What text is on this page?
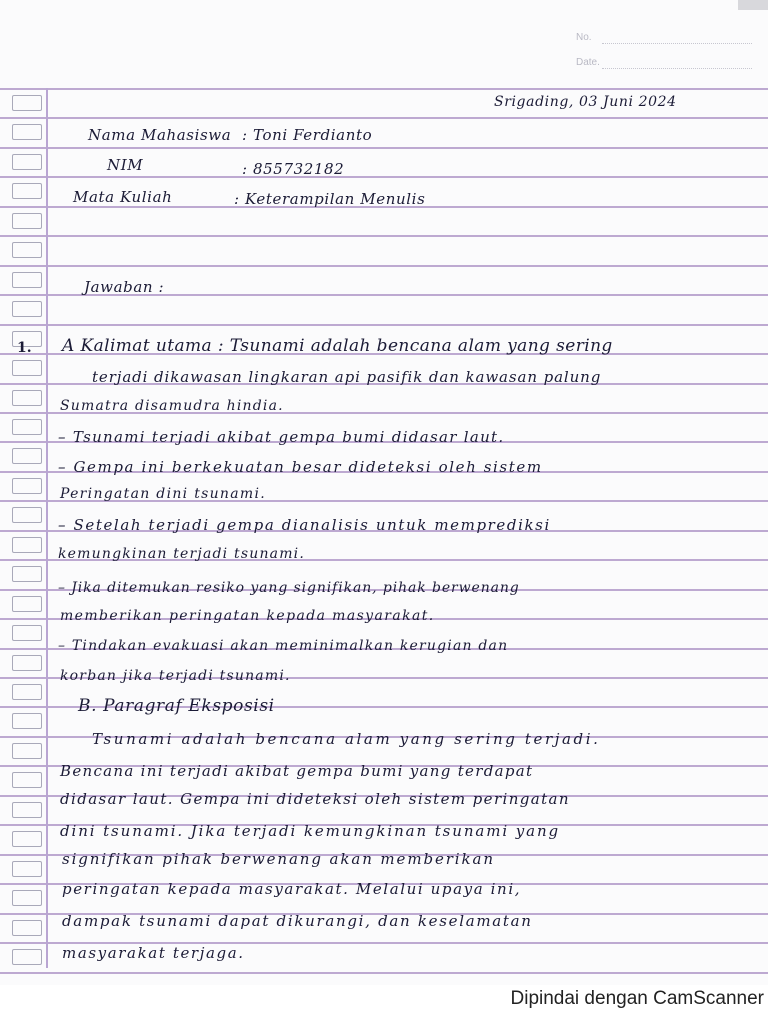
No.
Date.
Srigading, 03 Juni 2024
Nama Mahasiswa : Toni Ferdianto
NIM	: 855732182
Mata Kuliah	: Keterampilan Menulis
Jawaban :
1. A Kalimat utama : Tsunami adalah bencana alam yang sering
terjadi dikawasan lingkaran api pasifik dan kawasan palung
Sumatra disamudra hindia.
– Tsunami terjadi akibat gempa bumi didasar laut.
– Gempa ini berkekuatan besar dideteksi oleh sistem
Peringatan dini tsunami.
– Setelah terjadi gempa dianalisis untuk memprediksi
kemungkinan terjadi tsunami.
– Jika ditemukan resiko yang signifikan, pihak berwenang
memberikan peringatan kepada masyarakat.
– Tindakan evakuasi akan meminimalkan kerugian dan
korban jika terjadi tsunami.
B. Paragraf Eksposisi
Tsunami adalah bencana alam yang sering terjadi.
Bencana ini terjadi akibat gempa bumi yang terdapat
didasar laut. Gempa ini dideteksi oleh sistem peringatan
dini tsunami. Jika terjadi kemungkinan tsunami yang
signifikan pihak berwenang akan memberikan
peringatan kepada masyarakat. Melalui upaya ini,
dampak tsunami dapat dikurangi, dan keselamatan
masyarakat terjaga.
Dipindai dengan CamScanner
